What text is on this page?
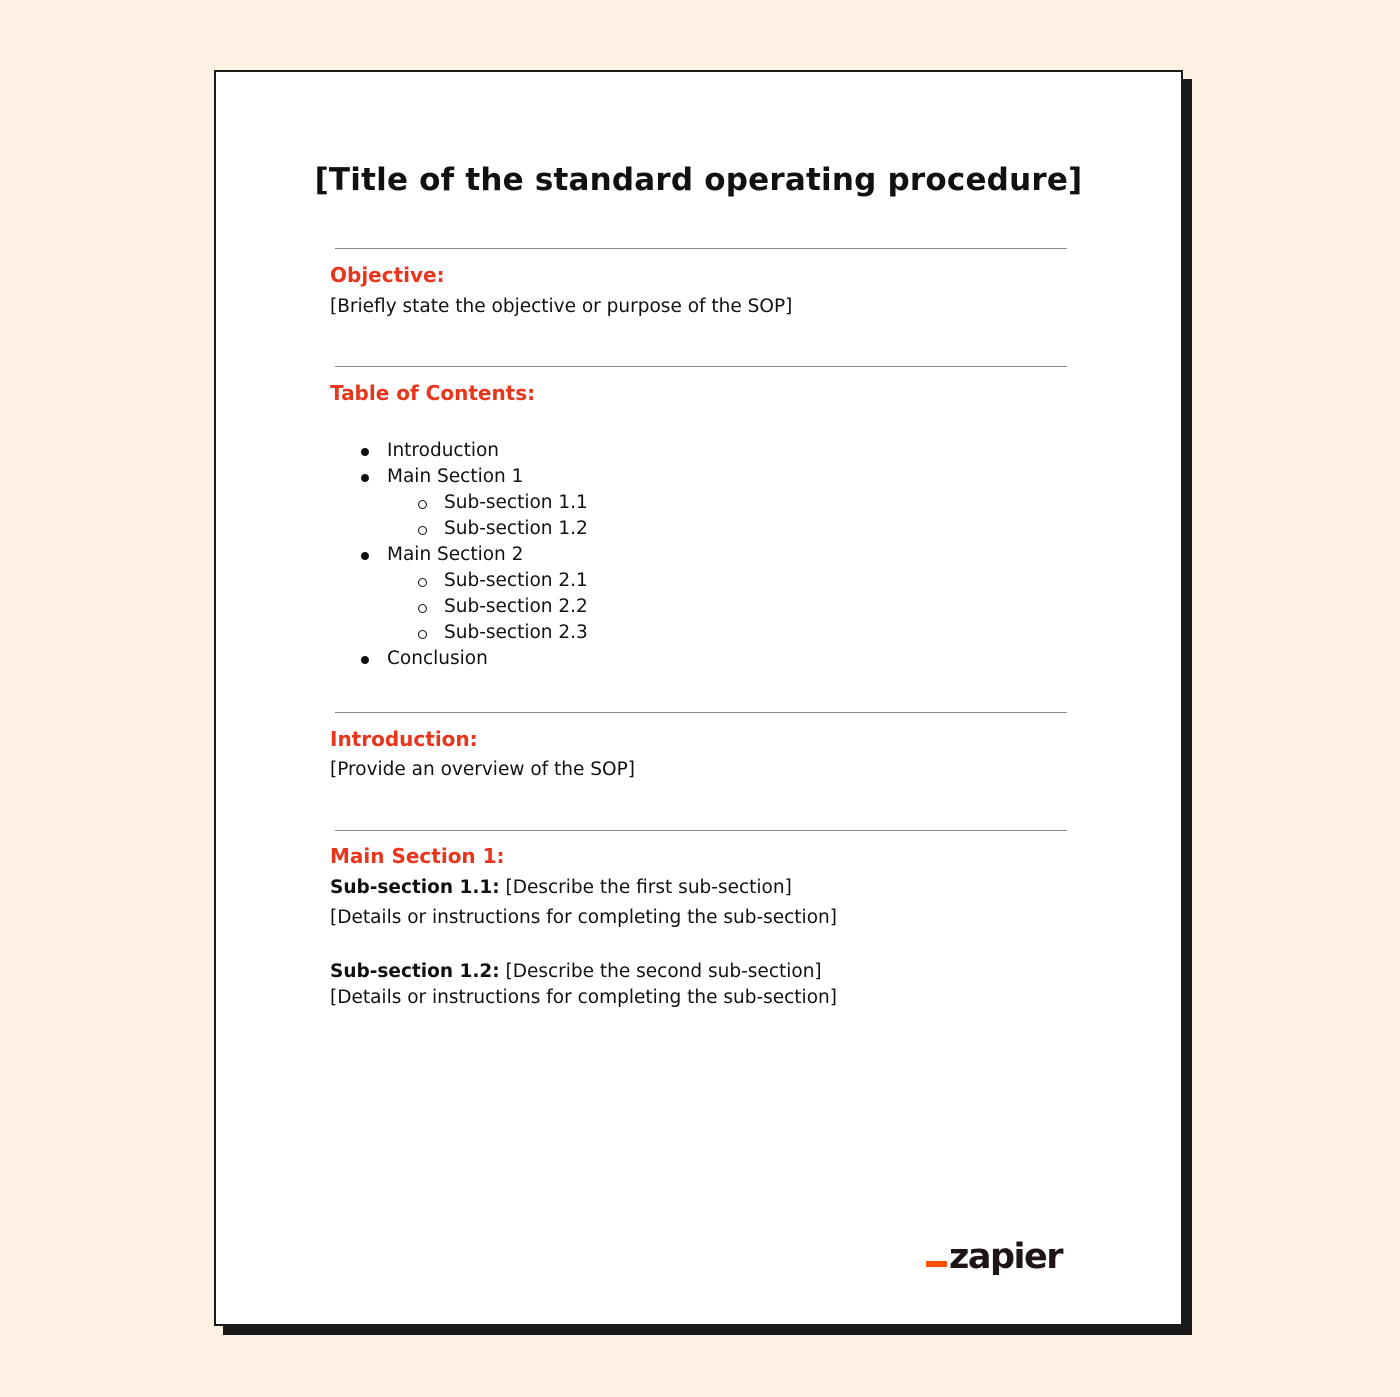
[Title of the standard operating procedure]
Objective:

[Briefly state the objective or purpose of the SOP]

Table of Contents:
Introduction
Main Section 1
Sub-section 1.1
Sub-section 1.2
Main Section 2
Sub-section 2.1
Sub-section 2.2
Sub-section 2.3
Conclusion
Introduction:

[Provide an overview of the SOP]

Main Section 1:

Sub-section 1.1: [Describe the first sub-section]

[Details or instructions for completing the sub-section]

Sub-section 1.2: [Describe the second sub-section]

[Details or instructions for completing the sub-section]

zapier
